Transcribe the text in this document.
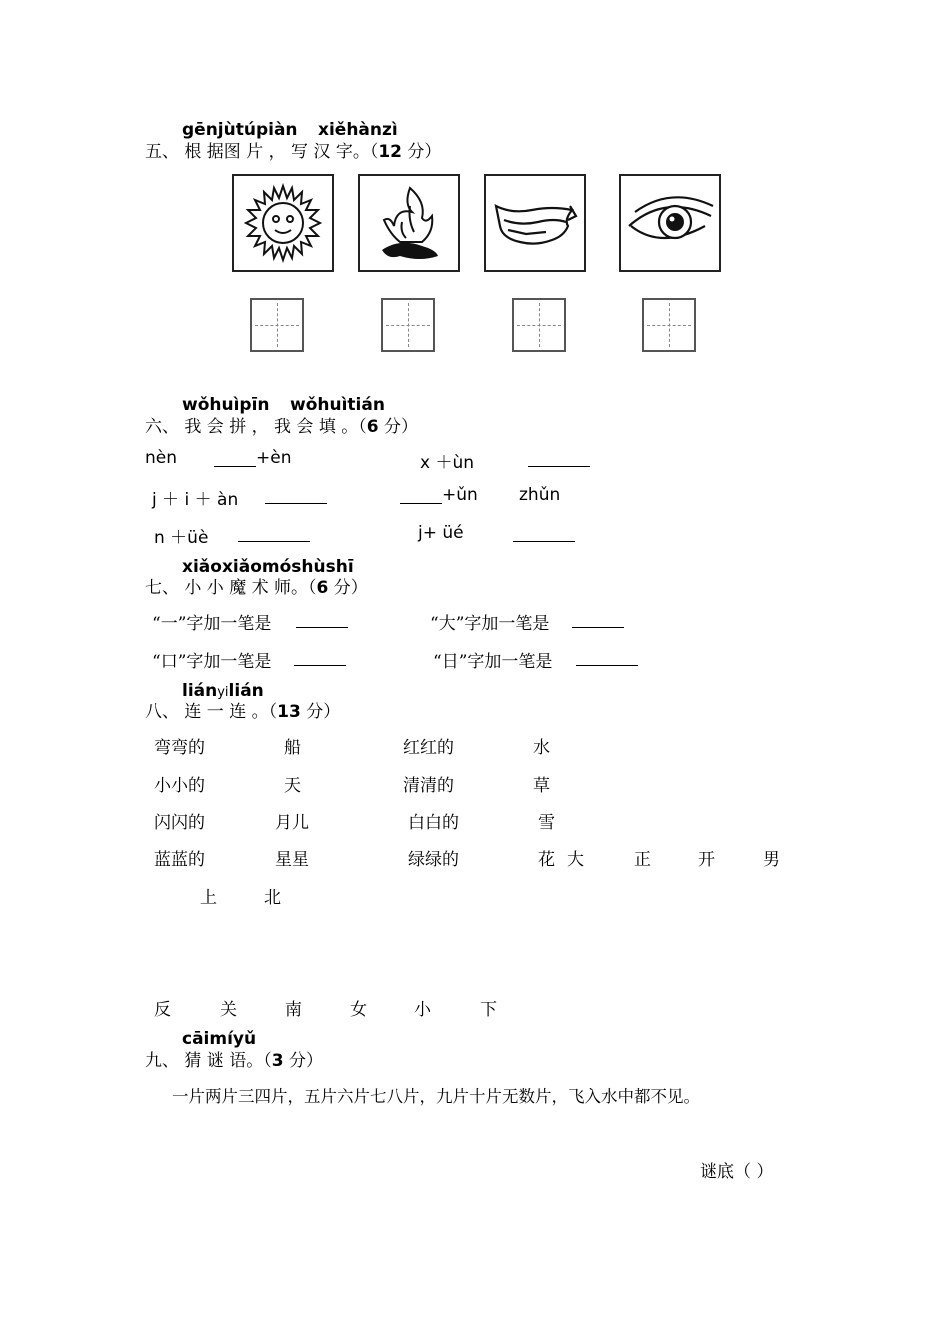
gēnjùtúpiàn xiěhànzì
五、 根 据图 片 ， 写 汉 字。（12 分）
wǒhuìpīn wǒhuìtián
六、 我 会 拼 ， 我 会 填 。（6 分）
nèn	+èn	x ＋ùn
j ＋ i ＋ àn	+ǔn zhǔn
n ＋üè	j+ üé
xiǎoxiǎomóshùshī
七、 小 小 魔 术 师。（6 分）
“一”字加一笔是	“大”字加一笔是
“口”字加一笔是	“日”字加一笔是
liányilián
八、 连 一 连 。（13 分）
弯弯的	船	红红的	水
小小的	天	清清的	草
闪闪的	月儿	白白的	雪
蓝蓝的	星星	绿绿的	花 大	正	开	男
上	北
反	关	南	女	小	下
cāimíyǔ
九、 猜 谜 语。（3 分）
一片两片三四片，五片六片七八片，九片十片无数片，飞入水中都不见。
谜底（ ）
